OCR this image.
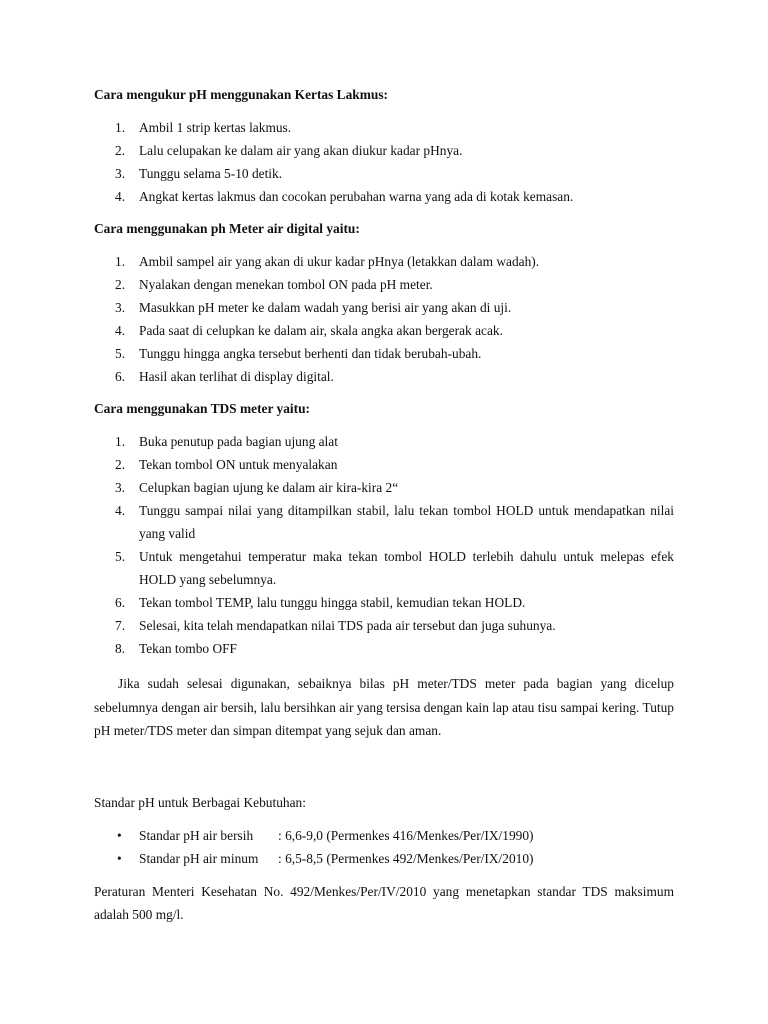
Cara mengukur pH menggunakan Kertas Lakmus:
1. Ambil 1 strip kertas lakmus.
2. Lalu celupakan ke dalam air yang akan diukur kadar pHnya.
3. Tunggu selama 5-10 detik.
4. Angkat kertas lakmus dan cocokan perubahan warna yang ada di kotak kemasan.
Cara menggunakan ph Meter air digital yaitu:
1. Ambil sampel air yang akan di ukur kadar pHnya (letakkan dalam wadah).
2. Nyalakan dengan menekan tombol ON pada pH meter.
3. Masukkan pH meter ke dalam wadah yang berisi air yang akan di uji.
4. Pada saat di celupkan ke dalam air, skala angka akan bergerak acak.
5. Tunggu hingga angka tersebut berhenti dan tidak berubah-ubah.
6. Hasil akan terlihat di display digital.
Cara menggunakan TDS meter yaitu:
1. Buka penutup pada bagian ujung alat
2. Tekan tombol ON untuk menyalakan
3. Celupkan bagian ujung ke dalam air kira-kira 2“
4. Tunggu sampai nilai yang ditampilkan stabil, lalu tekan tombol HOLD untuk mendapatkan nilai yang valid
5. Untuk mengetahui temperatur maka tekan tombol HOLD terlebih dahulu untuk melepas efek HOLD yang sebelumnya.
6. Tekan tombol TEMP, lalu tunggu hingga stabil, kemudian tekan HOLD.
7. Selesai, kita telah mendapatkan nilai TDS pada air tersebut dan juga suhunya.
8. Tekan tombo OFF

Jika sudah selesai digunakan, sebaiknya bilas pH meter/TDS meter pada bagian yang dicelup sebelumnya dengan air bersih, lalu bersihkan air yang tersisa dengan kain lap atau tisu sampai kering. Tutup pH meter/TDS meter dan simpan ditempat yang sejuk dan aman.

Standar pH untuk Berbagai Kebutuhan:

• Standar pH air bersih : 6,6-9,0 (Permenkes 416/Menkes/Per/IX/1990)
• Standar pH air minum : 6,5-8,5 (Permenkes 492/Menkes/Per/IX/2010)

Peraturan Menteri Kesehatan No. 492/Menkes/Per/IV/2010 yang menetapkan standar TDS maksimum adalah 500 mg/l.
